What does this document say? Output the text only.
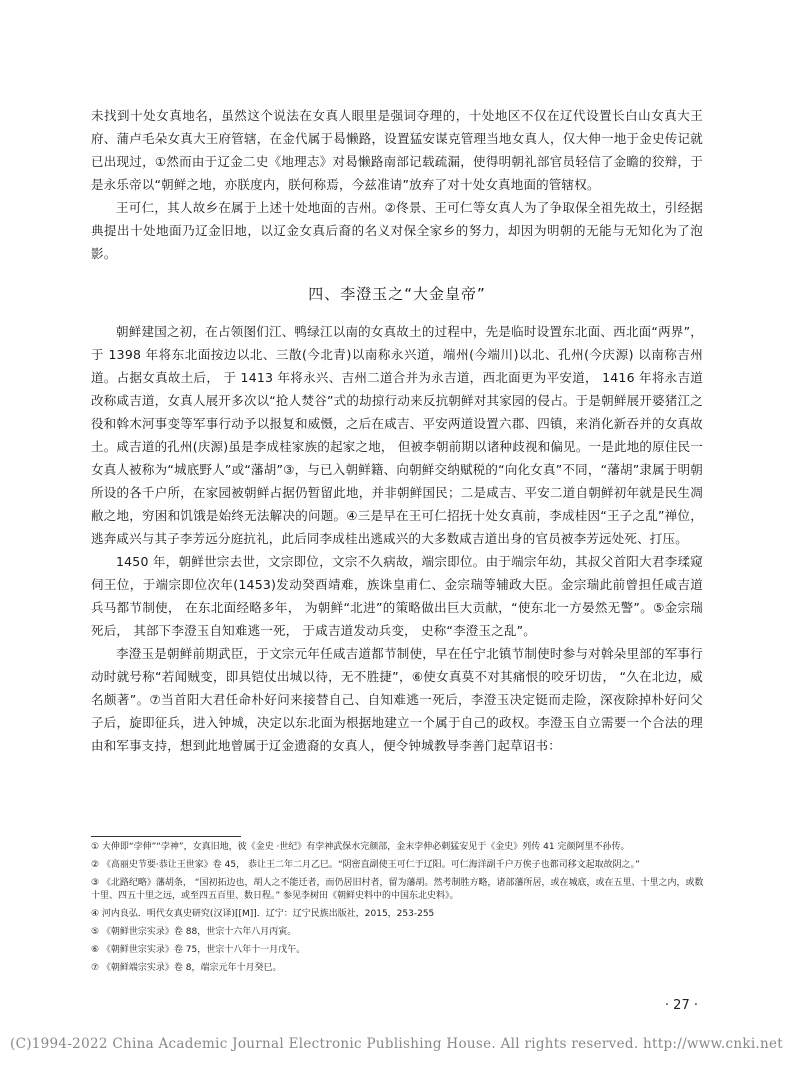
未找到十处女真地名，虽然这个说法在女真人眼里是强词夺理的，十处地区不仅在辽代设置长白山女真大王府、蒲卢毛朵女真大王府管辖，在金代属于曷懒路，设置猛安谋克管理当地女真人，仅大伸一地于金史传记就已出现过，①然而由于辽金二史《地理志》对曷懒路南部记载疏漏，使得明朝礼部官员轻信了金瞻的狡辩，于是永乐帝以“朝鲜之地，亦朕度内，朕何称焉，今兹准请”放弃了对十处女真地面的管辖权。

王可仁，其人故乡在属于上述十处地面的吉州。②佟景、王可仁等女真人为了争取保全祖先故土，引经据典提出十处地面乃辽金旧地，以辽金女真后裔的名义对保全家乡的努力，却因为明朝的无能与无知化为了泡影。

四、李澄玉之“大金皇帝”

朝鲜建国之初，在占领图们江、鸭绿江以南的女真故土的过程中，先是临时设置东北面、西北面“两界”，于 1398 年将东北面按边以北、三散(今北青)以南称永兴道，端州(今端川)以北、孔州(今庆源) 以南称吉州道。占据女真故土后， 于 1413 年将永兴、吉州二道合并为永吉道，西北面更为平安道， 1416 年将永吉道改称咸吉道，女真人展开多次以“抢人焚谷”式的劫掠行动来反抗朝鲜对其家园的侵占。于是朝鲜展开婆猪江之役和斡木河事变等军事行动予以报复和威慑，之后在咸吉、平安两道设置六郡、四镇，来消化新吞并的女真故土。咸吉道的孔州(庆源)虽是李成桂家族的起家之地， 但被李朝前期以诸种歧视和偏见。一是此地的原住民一女真人被称为“城底野人”或“藩胡”③，与已入朝鲜籍、向朝鲜交纳赋税的“向化女真”不同，“藩胡”隶属于明朝所设的各千户所，在家园被朝鲜占据仍暂留此地，并非朝鲜国民；二是咸吉、平安二道自朝鲜初年就是民生凋敝之地，穷困和饥饿是始终无法解决的问题。④三是早在王可仁招抚十处女真前，李成桂因“王子之乱”禅位，逃奔咸兴与其子李芳远分庭抗礼，此后同李成桂出逃咸兴的大多数咸吉道出身的官员被李芳远处死、打压。

1450 年，朝鲜世宗去世，文宗即位，文宗不久病故，端宗即位。由于端宗年幼，其叔父首阳大君李瑈窥伺王位，于端宗即位次年(1453)发动癸酉靖难，族诛皇甫仁、金宗瑞等辅政大臣。金宗瑞此前曾担任咸吉道兵马都节制使， 在东北面经略多年， 为朝鲜“北进”的策略做出巨大贡献，“使东北一方晏然无警”。⑤金宗瑞死后， 其部下李澄玉自知难逃一死， 于咸吉道发动兵变， 史称“李澄玉之乱”。

李澄玉是朝鲜前期武臣，于文宗元年任咸吉道都节制使，早在任宁北镇节制使时参与对斡朵里部的军事行动时就号称“若闻贼变，即具铠仗出城以待，无不胜捷”，⑥使女真莫不对其痛恨的咬牙切齿， “久在北边，威名颇著”。⑦当首阳大君任命朴好问来接替自己、自知难逃一死后，李澄玉决定铤而走险，深夜除掉朴好问父子后，旋即征兵，进入钟城，决定以东北面为根据地建立一个属于自己的政权。李澄玉自立需要一个合法的理由和军事支持，想到此地曾属于辽金遗裔的女真人，便令钟城教导李善门起草诏书：

① 大伸即“孛伸”“孛神”，女真旧地，彼《金史 ·世纪》有孛神武保水完颜部，金末孛伸必剌猛安见于《金史》列传 41 完颜阿里不孙传。

② 《高丽史节要·恭让王世家》卷 45， 恭让王二年二月乙巳。“阴密直副使王可仁于辽阳。可仁海洋副千户万俟子也都司移文起取故阴之。”

③ 《北路纪略》藩胡条， “国初拓边也，胡人之不能迁者，而仍居旧村者，留为藩胡。然考制胜方略，诸部藩所居，或在城底，或在五里、十里之内，或数十里、四五十里之远，或至四五百里、数日程。” 参见李树田《朝鲜史料中的中国东北史料》。

④ 河内良弘．明代女真史研究(汉译)[[M]]．辽宁：辽宁民族出版社，2015，253-255

⑤ 《朝鲜世宗实录》卷 88，世宗十六年八月丙寅。

⑥ 《朝鲜世宗实录》卷 75，世宗十八年十一月戊午。

⑦ 《朝鲜端宗实录》卷 8，端宗元年十月癸巳。

· 27 ·
(C)1994-2022 China Academic Journal Electronic Publishing House. All rights reserved. http://www.cnki.net
